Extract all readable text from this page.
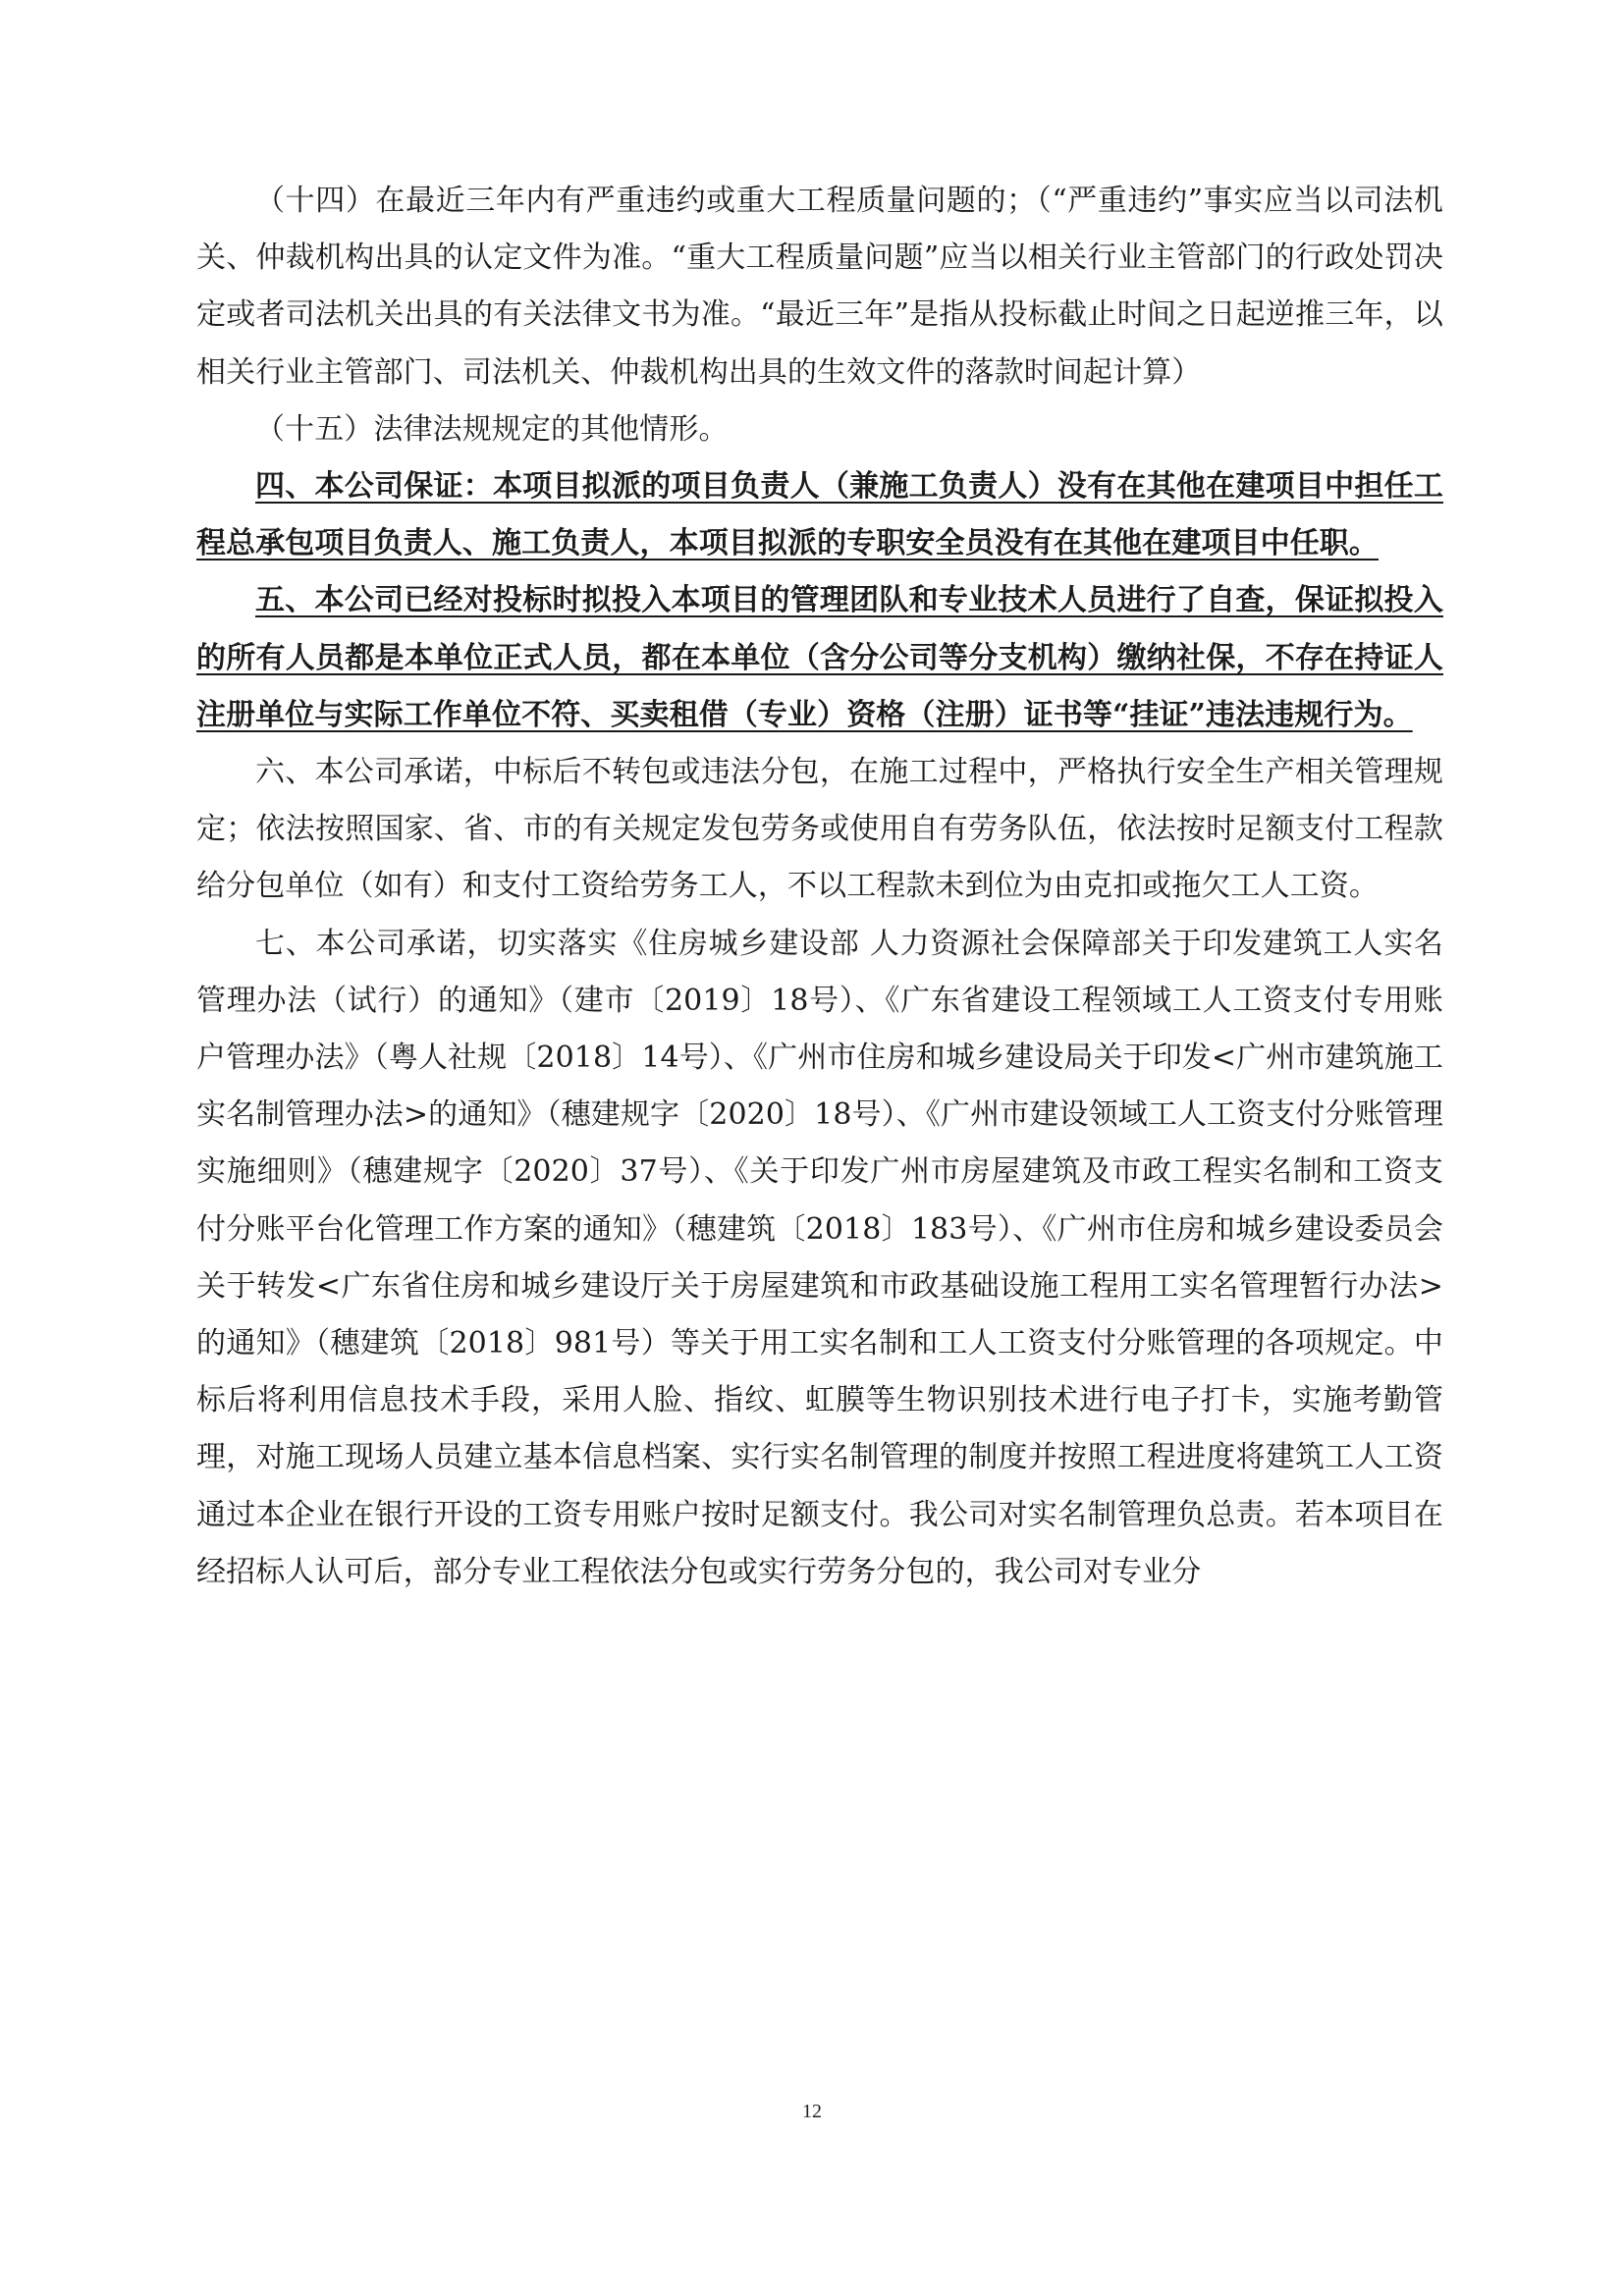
（十四）在最近三年内有严重违约或重大工程质量问题的；（“严重违约”事实应当以司法机关、仲裁机构出具的认定文件为准。“重大工程质量问题”应当以相关行业主管部门的行政处罚决定或者司法机关出具的有关法律文书为准。“最近三年”是指从投标截止时间之日起逆推三年，以相关行业主管部门、司法机关、仲裁机构出具的生效文件的落款时间起计算）

（十五）法律法规规定的其他情形。

四、本公司保证：本项目拟派的项目负责人（兼施工负责人）没有在其他在建项目中担任工程总承包项目负责人、施工负责人，本项目拟派的专职安全员没有在其他在建项目中任职。

五、本公司已经对投标时拟投入本项目的管理团队和专业技术人员进行了自查，保证拟投入的所有人员都是本单位正式人员，都在本单位（含分公司等分支机构）缴纳社保，不存在持证人注册单位与实际工作单位不符、买卖租借（专业）资格（注册）证书等“挂证”违法违规行为。

六、本公司承诺，中标后不转包或违法分包，在施工过程中，严格执行安全生产相关管理规定；依法按照国家、省、市的有关规定发包劳务或使用自有劳务队伍，依法按时足额支付工程款给分包单位（如有）和支付工资给劳务工人，不以工程款未到位为由克扣或拖欠工人工资。

七、本公司承诺，切实落实《住房城乡建设部 人力资源社会保障部关于印发建筑工人实名管理办法（试行）的通知》（建市〔2019〕18号）、《广东省建设工程领域工人工资支付专用账户管理办法》（粤人社规〔2018〕14号）、《广州市住房和城乡建设局关于印发<广州市建筑施工实名制管理办法>的通知》（穗建规字〔2020〕18号）、《广州市建设领域工人工资支付分账管理实施细则》（穗建规字〔2020〕37号）、《关于印发广州市房屋建筑及市政工程实名制和工资支付分账平台化管理工作方案的通知》（穗建筑〔2018〕183号）、《广州市住房和城乡建设委员会关于转发<广东省住房和城乡建设厅关于房屋建筑和市政基础设施工程用工实名管理暂行办法>的通知》（穗建筑〔2018〕981号）等关于用工实名制和工人工资支付分账管理的各项规定。中标后将利用信息技术手段，采用人脸、指纹、虹膜等生物识别技术进行电子打卡，实施考勤管理，对施工现场人员建立基本信息档案、实行实名制管理的制度并按照工程进度将建筑工人工资通过本企业在银行开设的工资专用账户按时足额支付。我公司对实名制管理负总责。若本项目在经招标人认可后，部分专业工程依法分包或实行劳务分包的，我公司对专业分

12
